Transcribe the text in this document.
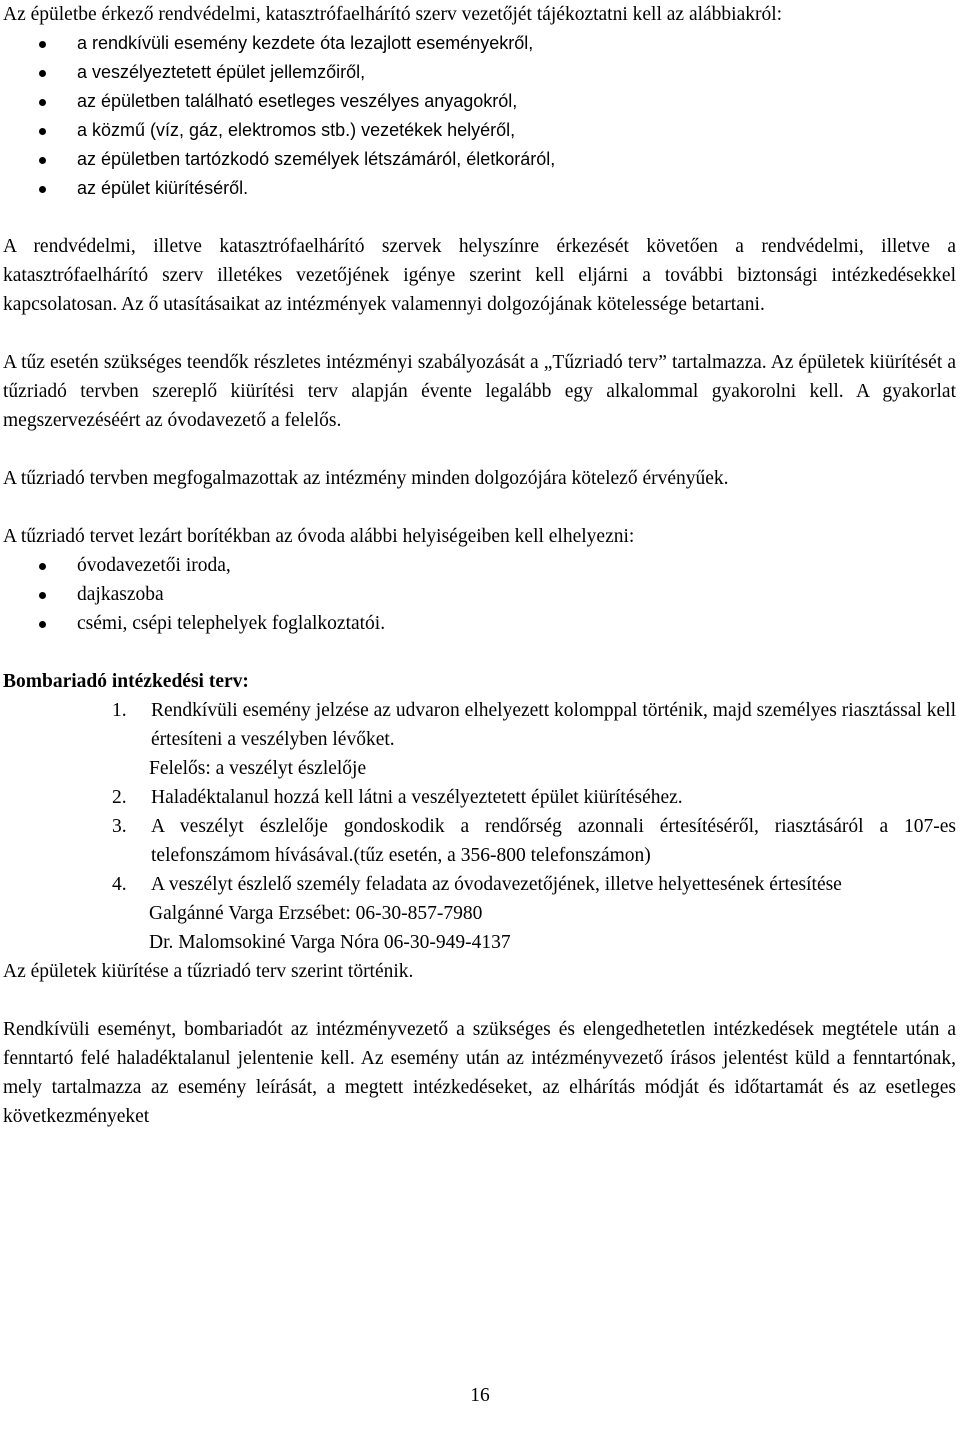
Az épületbe érkező rendvédelmi, katasztrófaelhárító szerv vezetőjét tájékoztatni kell az alábbiakról:

a rendkívüli esemény kezdete óta lezajlott eseményekről,
a veszélyeztetett épület jellemzőiről,
az épületben található esetleges veszélyes anyagokról,
a közmű (víz, gáz, elektromos stb.) vezetékek helyéről,
az épületben tartózkodó személyek létszámáról, életkoráról,
az épület kiürítéséről.

A rendvédelmi, illetve katasztrófaelhárító szervek helyszínre érkezését követően a rendvédelmi, illetve a katasztrófaelhárító szerv illetékes vezetőjének igénye szerint kell eljárni a további biztonsági intézkedésekkel kapcsolatosan. Az ő utasításaikat az intézmények valamennyi dolgozójának kötelessége betartani.

A tűz esetén szükséges teendők részletes intézményi szabályozását a „Tűzriadó terv” tartalmazza. Az épületek kiürítését a tűzriadó tervben szereplő kiürítési terv alapján évente legalább egy alkalommal gyakorolni kell. A gyakorlat megszervezéséért az óvodavezető a felelős.

A tűzriadó tervben megfogalmazottak az intézmény minden dolgozójára kötelező érvényűek.

A tűzriadó tervet lezárt borítékban az óvoda alábbi helyiségeiben kell elhelyezni:

óvodavezetői iroda,
dajkaszoba
csémi, csépi telephelyek foglalkoztatói.
Bombariadó intézkedési terv:
1. Rendkívüli esemény jelzése az udvaron elhelyezett kolomppal történik, majd személyes riasztással kell értesíteni a veszélyben lévőket.
Felelős: a veszélyt észlelője
2. Haladéktalanul hozzá kell látni a veszélyeztetett épület kiürítéséhez.
3. A veszélyt észlelője gondoskodik a rendőrség azonnali értesítéséről, riasztásáról a 107-es telefonszámom hívásával.(tűz esetén, a 356-800 telefonszámon)
4. A veszélyt észlelő személy feladata az óvodavezetőjének, illetve helyettesének értesítése
Galgánné Varga Erzsébet: 06-30-857-7980
Dr. Malomsokiné Varga Nóra 06-30-949-4137

Az épületek kiürítése a tűzriadó terv szerint történik.

Rendkívüli eseményt, bombariadót az intézményvezető a szükséges és elengedhetetlen intézkedések megtétele után a fenntartó felé haladéktalanul jelentenie kell. Az esemény után az intézményvezető írásos jelentést küld a fenntartónak, mely tartalmazza az esemény leírását, a megtett intézkedéseket, az elhárítás módját és időtartamát és az esetleges következményeket

16
